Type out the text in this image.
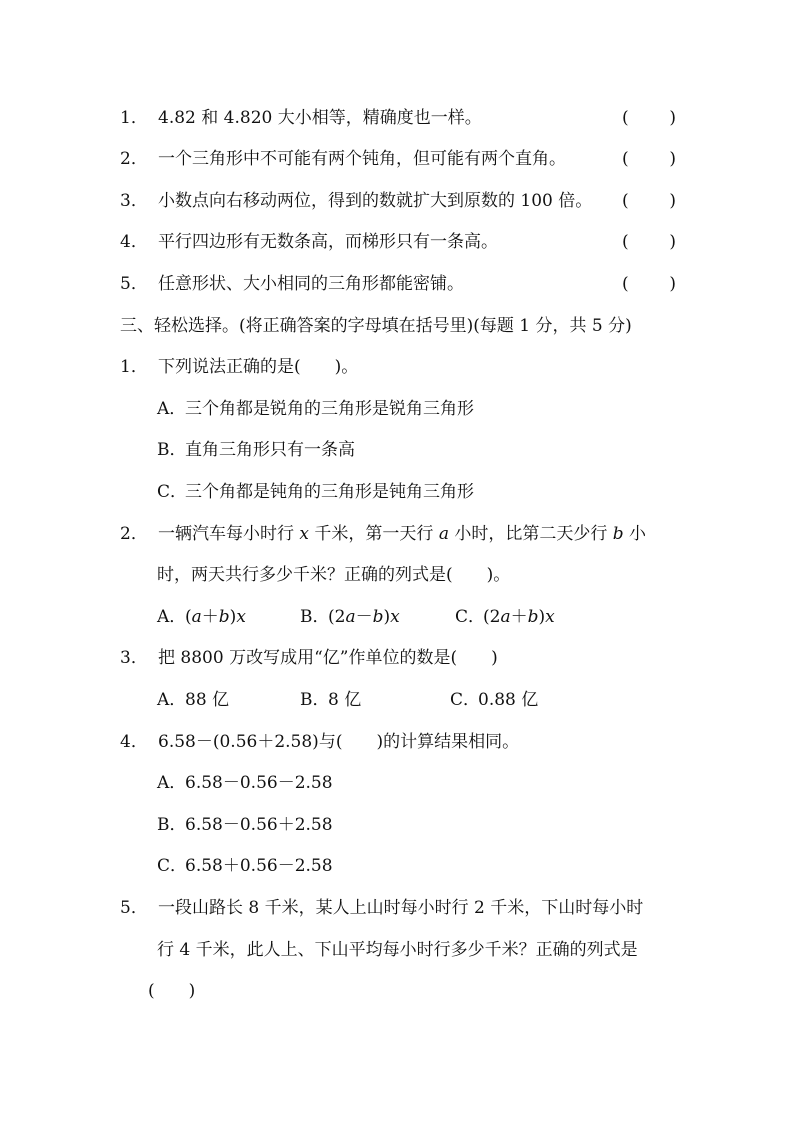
1． 4.82 和 4.820 大小相等，精确度也一样。	( )
2． 一个三角形中不可能有两个钝角，但可能有两个直角。	( )
3． 小数点向右移动两位，得到的数就扩大到原数的 100 倍。 ( )
4． 平行四边形有无数条高，而梯形只有一条高。	( )
5． 任意形状、大小相同的三角形都能密铺。	( )
三、轻松选择。(将正确答案的字母填在括号里)(每题 1 分，共 5 分)
1． 下列说法正确的是(　　)。
A．三个角都是锐角的三角形是锐角三角形
B．直角三角形只有一条高
C．三个角都是钝角的三角形是钝角三角形
2． 一辆汽车每小时行 x 千米，第一天行 a 小时，比第二天少行 b 小
时，两天共行多少千米？正确的列式是(　　)。
A．(a＋b)x	B．(2a－b)x	C．(2a＋b)x
3． 把 8800 万改写成用“亿”作单位的数是(　　)
A．88 亿	B．8 亿	C．0.88 亿
4． 6.58－(0.56＋2.58)与(　　)的计算结果相同。
A．6.58－0.56－2.58
B．6.58－0.56＋2.58
C．6.58＋0.56－2.58
5． 一段山路长 8 千米，某人上山时每小时行 2 千米，下山时每小时
行 4 千米，此人上、下山平均每小时行多少千米？正确的列式是
(　　)
